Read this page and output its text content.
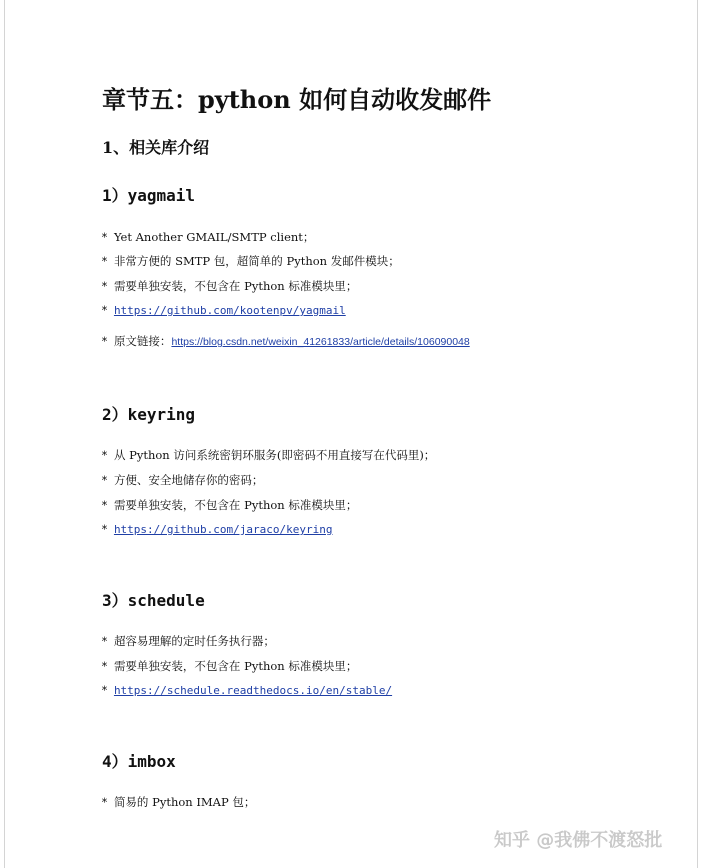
章节五：python 如何自动收发邮件
1、相关库介绍
1）yagmail
* Yet Another GMAIL/SMTP client；
* 非常方便的 SMTP 包，超简单的 Python 发邮件模块；
* 需要单独安装，不包含在 Python 标准模块里；
* https://github.com/kootenpv/yagmail
* 原文链接：https://blog.csdn.net/weixin_41261833/article/details/106090048
2）keyring
* 从 Python 访问系统密钥环服务(即密码不用直接写在代码里)；
* 方便、安全地储存你的密码；
* 需要单独安装，不包含在 Python 标准模块里；
* https://github.com/jaraco/keyring
3）schedule
* 超容易理解的定时任务执行器；
* 需要单独安装，不包含在 Python 标准模块里；
* https://schedule.readthedocs.io/en/stable/
4）imbox
* 简易的 Python IMAP 包；
知乎 @我佛不渡怒批
